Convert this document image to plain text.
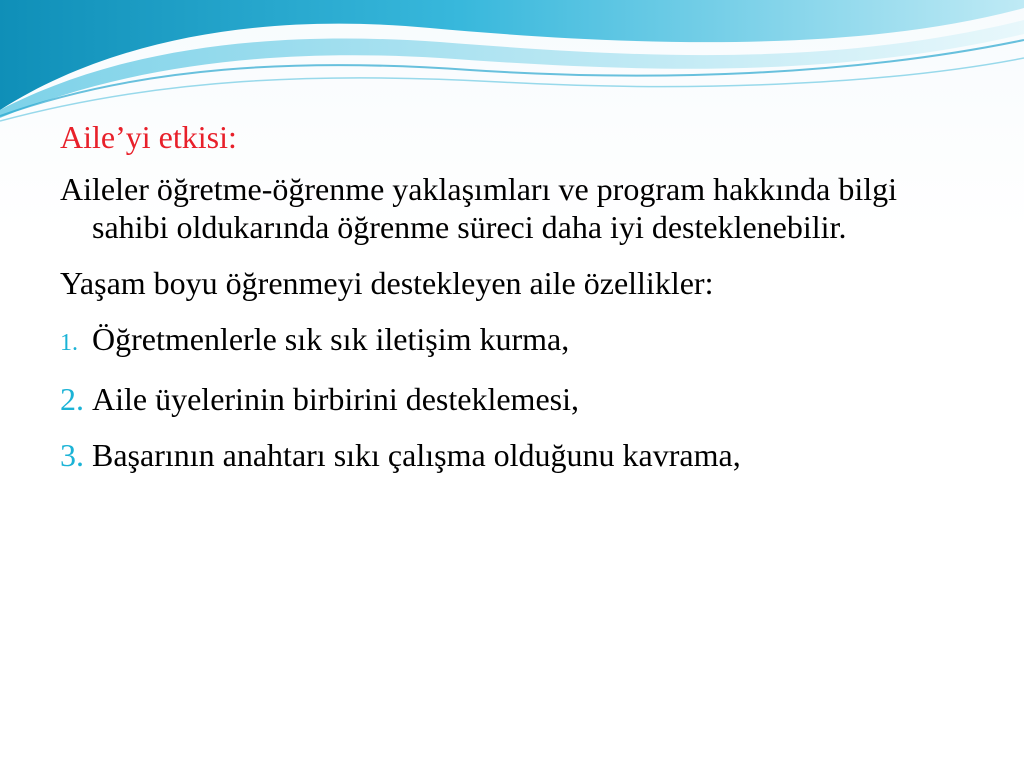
Aile’yi etkisi:

Aileler öğretme-öğrenme yaklaşımları ve program hakkında bilgi sahibi oldukarında öğrenme süreci daha iyi desteklenebilir.

Yaşam boyu öğrenmeyi destekleyen aile özellikler:

1. Öğretmenlerle sık sık iletişim kurma,
2. Aile üyelerinin birbirini desteklemesi,
3. Başarının anahtarı sıkı çalışma olduğunu kavrama,
